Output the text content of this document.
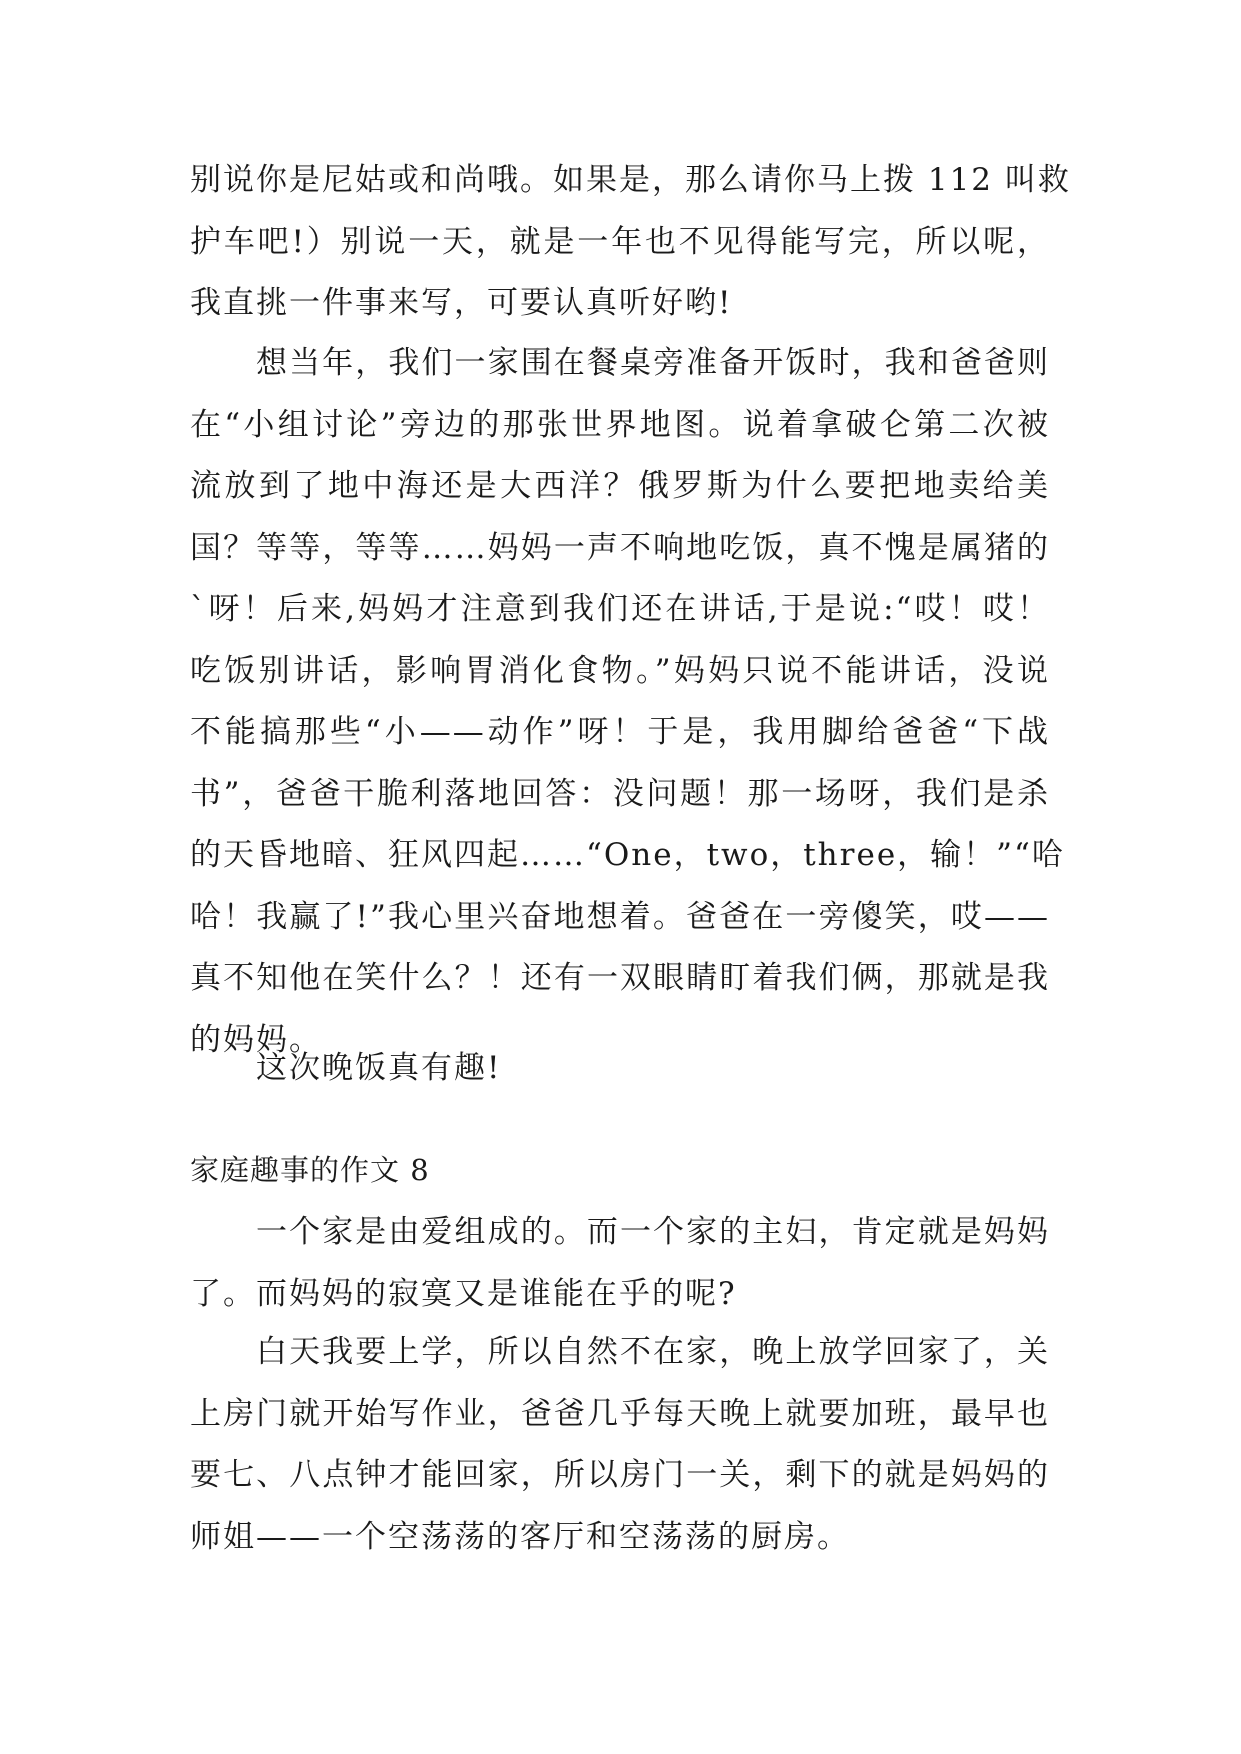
别说你是尼姑或和尚哦。如果是，那么请你马上拨 112 叫救
护车吧!）别说一天，就是一年也不见得能写完，所以呢，
我直挑一件事来写，可要认真听好哟!
想当年，我们一家围在餐桌旁准备开饭时，我和爸爸则
在“小组讨论”旁边的那张世界地图。说着拿破仑第二次被
流放到了地中海还是大西洋？俄罗斯为什么要把地卖给美
国？等等，等等……妈妈一声不响地吃饭，真不愧是属猪的
`呀！后来,妈妈才注意到我们还在讲话,于是说:“哎！哎！
吃饭别讲话，影响胃消化食物。”妈妈只说不能讲话，没说
不能搞那些“小——动作”呀！于是，我用脚给爸爸“下战
书”，爸爸干脆利落地回答：没问题！那一场呀，我们是杀
的天昏地暗、狂风四起……“One，two，three，输！”“哈
哈！我赢了!”我心里兴奋地想着。爸爸在一旁傻笑，哎——
真不知他在笑什么？！还有一双眼睛盯着我们俩，那就是我
的妈妈。
这次晚饭真有趣!
家庭趣事的作文 8
一个家是由爱组成的。而一个家的主妇，肯定就是妈妈
了。而妈妈的寂寞又是谁能在乎的呢?
白天我要上学，所以自然不在家，晚上放学回家了，关
上房门就开始写作业，爸爸几乎每天晚上就要加班，最早也
要七、八点钟才能回家，所以房门一关，剩下的就是妈妈的
师姐——一个空荡荡的客厅和空荡荡的厨房。
